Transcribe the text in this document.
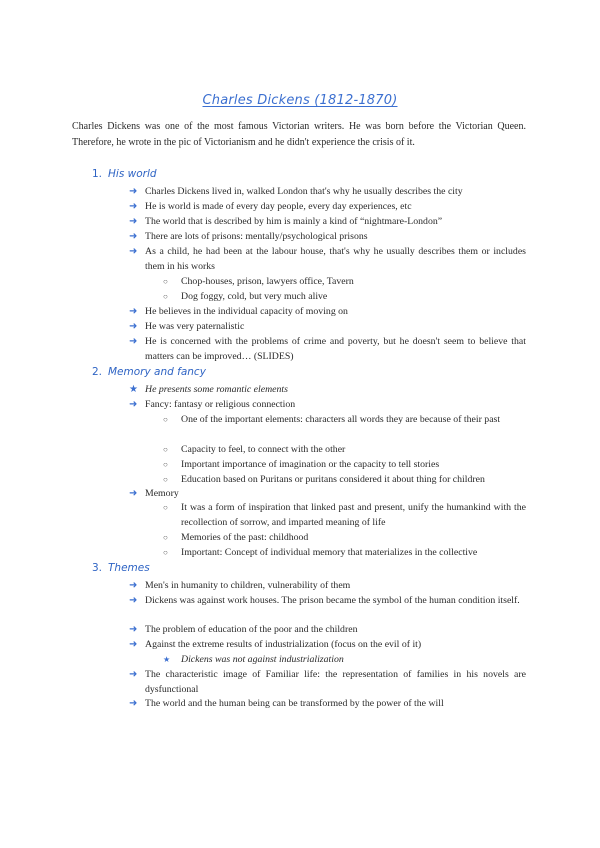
Charles Dickens (1812-1870)
Charles Dickens was one of the most famous Victorian writers. He was born before the Victorian Queen. Therefore, he wrote in the pic of Victorianism and he didn't experience the crisis of it.
1. His world
➜ Charles Dickens lived in, walked London that's why he usually describes the city
➜ He is world is made of every day people, every day experiences, etc
➜ The world that is described by him is mainly a kind of “nightmare-London”
➜ There are lots of prisons: mentally/psychological prisons
➜ As a child, he had been at the labour house, that's why he usually describes them or includes them in his works
○	Chop-houses, prison, lawyers office, Tavern
○	Dog foggy, cold, but very much alive
➜ He believes in the individual capacity of moving on
➜ He was very paternalistic
➜ He is concerned with the problems of crime and poverty, but he doesn't seem to believe that matters can be improved… (SLIDES)
2. Memory and fancy
★ He presents some romantic elements
➜ Fancy: fantasy or religious connection
○	One of the important elements: characters all words they are because of their past
○	Capacity to feel, to connect with the other
○	Important importance of imagination or the capacity to tell stories
○	Education based on Puritans or puritans considered it about thing for children
➜ Memory
○	It was a form of inspiration that linked past and present, unify the humankind with the recollection of sorrow, and imparted meaning of life
○	Memories of the past: childhood
○	Important: Concept of individual memory that materializes in the collective
3. Themes
➜ Men's in humanity to children, vulnerability of them
➜ Dickens was against work houses. The prison became the symbol of the human condition itself.
➜ The problem of education of the poor and the children
➜ Against the extreme results of industrialization (focus on the evil of it)
★	Dickens was not against industrialization
➜ The characteristic image of Familiar life: the representation of families in his novels are dysfunctional
➜ The world and the human being can be transformed by the power of the will
